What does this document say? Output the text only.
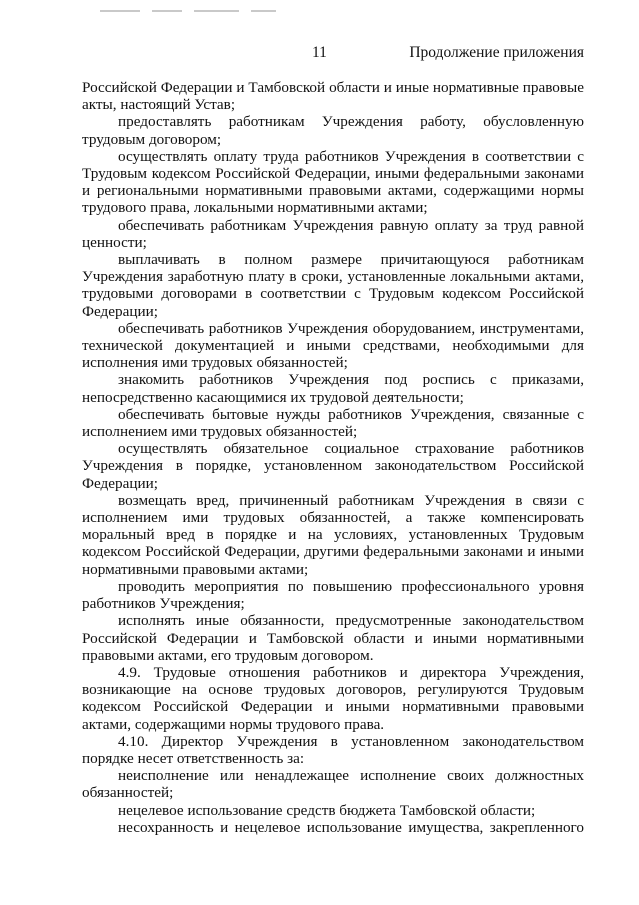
11	Продолжение приложения

Российской Федерации и Тамбовской области и иные нормативные правовые акты, настоящий Устав;

предоставлять работникам Учреждения работу, обусловленную трудовым договором;

осуществлять оплату труда работников Учреждения в соответствии с Трудовым кодексом Российской Федерации, иными федеральными законами и региональными нормативными правовыми актами, содержащими нормы трудового права, локальными нормативными актами;

обеспечивать работникам Учреждения равную оплату за труд равной ценности;

выплачивать в полном размере причитающуюся работникам Учреждения заработную плату в сроки, установленные локальными актами, трудовыми договорами в соответствии с Трудовым кодексом Российской Федерации;

обеспечивать работников Учреждения оборудованием, инструментами, технической документацией и иными средствами, необходимыми для исполнения ими трудовых обязанностей;

знакомить работников Учреждения под роспись с приказами, непосредственно касающимися их трудовой деятельности;

обеспечивать бытовые нужды работников Учреждения, связанные с исполнением ими трудовых обязанностей;

осуществлять обязательное социальное страхование работников Учреждения в порядке, установленном законодательством Российской Федерации;

возмещать вред, причиненный работникам Учреждения в связи с исполнением ими трудовых обязанностей, а также компенсировать моральный вред в порядке и на условиях, установленных Трудовым кодексом Российской Федерации, другими федеральными законами и иными нормативными правовыми актами;

проводить мероприятия по повышению профессионального уровня работников Учреждения;

исполнять иные обязанности, предусмотренные законодательством Российской Федерации и Тамбовской области и иными нормативными правовыми актами, его трудовым договором.

4.9. Трудовые отношения работников и директора Учреждения, возникающие на основе трудовых договоров, регулируются Трудовым кодексом Российской Федерации и иными нормативными правовыми актами, содержащими нормы трудового права.

4.10. Директор Учреждения в установленном законодательством порядке несет ответственность за:

неисполнение или ненадлежащее исполнение своих должностных обязанностей;

нецелевое использование средств бюджета Тамбовской области;

несохранность и нецелевое использование имущества, закрепленного
